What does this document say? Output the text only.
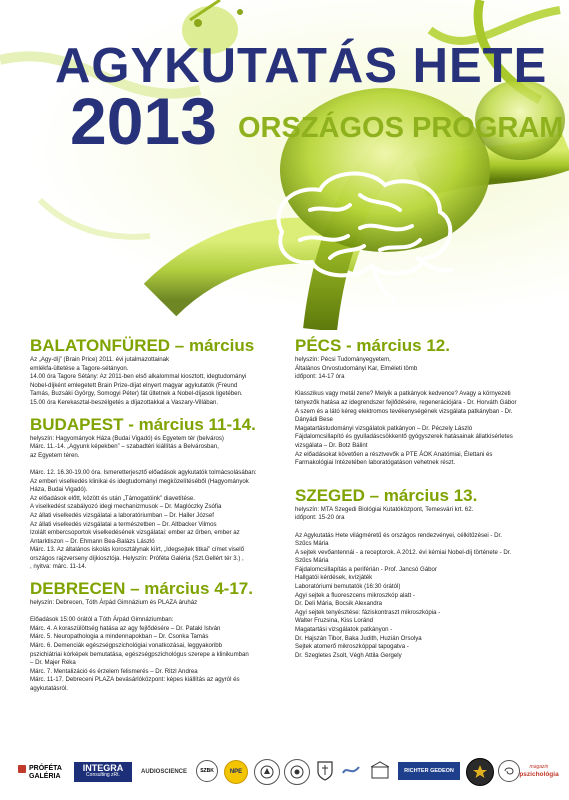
AGYKUTATÁS HETE
2013 ORSZÁGOS PROGRAM

BALATONFÜRED – március

Az „Agy-díj” (Brain Price) 2011. évi jutalmazottainak

emlékfa-ültetése a Tagore-sétányon.

14.00 óra Tagore Sétány: Az 2011-ben első alkalommal kiosztott, idegtudományi

Nobel-díjként emlegetett Brain Prize-díjat elnyert magyar agykutatók (Freund

Tamás, Buzsáki György, Somogyi Péter) fát ültetnek a Nobel-díjasok ligetében.

15.00 óra Kerekasztal-beszélgetés a díjazottakkal a Vaszary-Villában.

BUDAPEST - március 11-14.

helyszín: Hagyományok Háza (Budai Vigadó) és Egyetem tér (belváros)

Márc. 11.-14. „Agyunk képekben” – szabadtéri kiállítás a Belvárosban,

az Egyetem téren.

Márc. 12. 16.30-19.00 óra. Ismeretterjesztő előadások agykutatók tolmácsolásában:

Az emberi viselkedés klinikai és idegtudományi megközelítéséből (Hagyományok

Háza, Budai Vigadó).

Az előadások előtt, között és után „Támogatóink” diavetítése.

A viselkedést szabályozó idegi mechanizmusok – Dr. Maglóczky Zsófia

Az állati viselkedés vizsgálatai a laboratóriumban – Dr. Haller József

Az állati viselkedés vizsgálatai a természetben – Dr. Altbacker Vilmos

Izolált embercsoportok viselkedésének vizsgálatai: ember az űrben, ember az

Antarktiszon – Dr. Ehmann Bea-Balázs László

Márc. 13. Az általános iskolás korosztálynak kiírt, „Idegsejtek titkai” címet viselő

országos rajzverseny díjkiosztója. Helyszín: Próféta Galéria (Szt.Gellért tér 3.) ,

, nyitva: márc. 11-14.

DEBRECEN – március 4-17.

helyszín: Debrecen, Tóth Árpád Gimnázium és PLAZA áruház

Előadások 15:00 órától a Tóth Árpád Gimnáziumban:

Márc. 4. A koraszülöttség hatása az agy fejlődésére – Dr. Pataki István

Márc. 5. Neuropathologia a mindennapokban – Dr. Csonka Tamás

Márc. 6. Demenciák egészségpszichológiai vonatkozásai, leggyakoribb

pszichiátriai kórképek bemutatása, egészségpszichológus szerepe a klinikumban

– Dr. Majer Réka

Márc. 7. Mentalizáció és érzelem felismerés – Dr. Ritzl Andrea

Márc. 11-17. Debreceni PLAZA bevásárlóközpont: képes kiállítás az agyról és

agykutatásról.

PÉCS - március 12.

helyszín: Pécsi Tudományegyetem,

Általános Orvostudományi Kar, Elméleti tömb

időpont: 14-17 óra

Klasszikus vagy metál zene? Melyik a patkányok kedvence? Avagy a környezeti

tényezők hatása az idegrendszer fejlődésére, regenerációjára - Dr. Horváth Gábor

A szem és a látó kéreg elektromos tevékenységének vizsgálata patkányban - Dr.

Dányádi Bese

Magatartástudományi vizsgálatok patkányon – Dr. Péczely László

Fájdalomcsillapító és gyulladáscsökkentő gyógyszerek hatásainak állatkísérletes

vizsgálata – Dr. Botz Bálint

Az előadásokat követően a résztvevők a PTE ÁOK Anatómiai, Élettani és

Farmakológiai Intézetében laboratógatáson vehetnek részt.

SZEGED – március 13.

helyszín: MTA Szegedi Biológiai Kutatóközpont, Temesvári krt. 62.

időpont: 15-20 óra

Az Agykutatás Hete világméretű és országos rendezvényei, célkitűzései - Dr.

Szűcs Mária

A sejtek vevőantennái - a receptorok. A 2012. évi kémiai Nobel-díj története - Dr.

Szűcs Mária

Fájdalomcsillapítás a periférián - Prof. Jancsó Gábor

Hallgatói kérdések, kvízjáték

Laboratóriumi bemutatók (16:30 órától)

Agyi sejtek a fluoreszcens mikroszkóp alatt -

Dr. Deli Mária, Bocsik Alexandra

Agyi sejtek tenyésztése: fáziskontraszt mikroszkópia -

Walter Fruzsina, Kiss Loránd

Magatartási vizsgálatok patkányon -

Dr. Hajszán Tibor, Baka Judith, Huzián Orsolya

Sejtek atomerő mikroszkóppal tapogatva -

Dr. Szegletes Zsolt, Végh Attila Gergely

PRÓFÉTA
GALÉRIA
INTEGRA
Consulting zRt.
AUDIOSCIENCE	SZBK	NPE	RICHTER GEDEON
magazin
pszichológia
